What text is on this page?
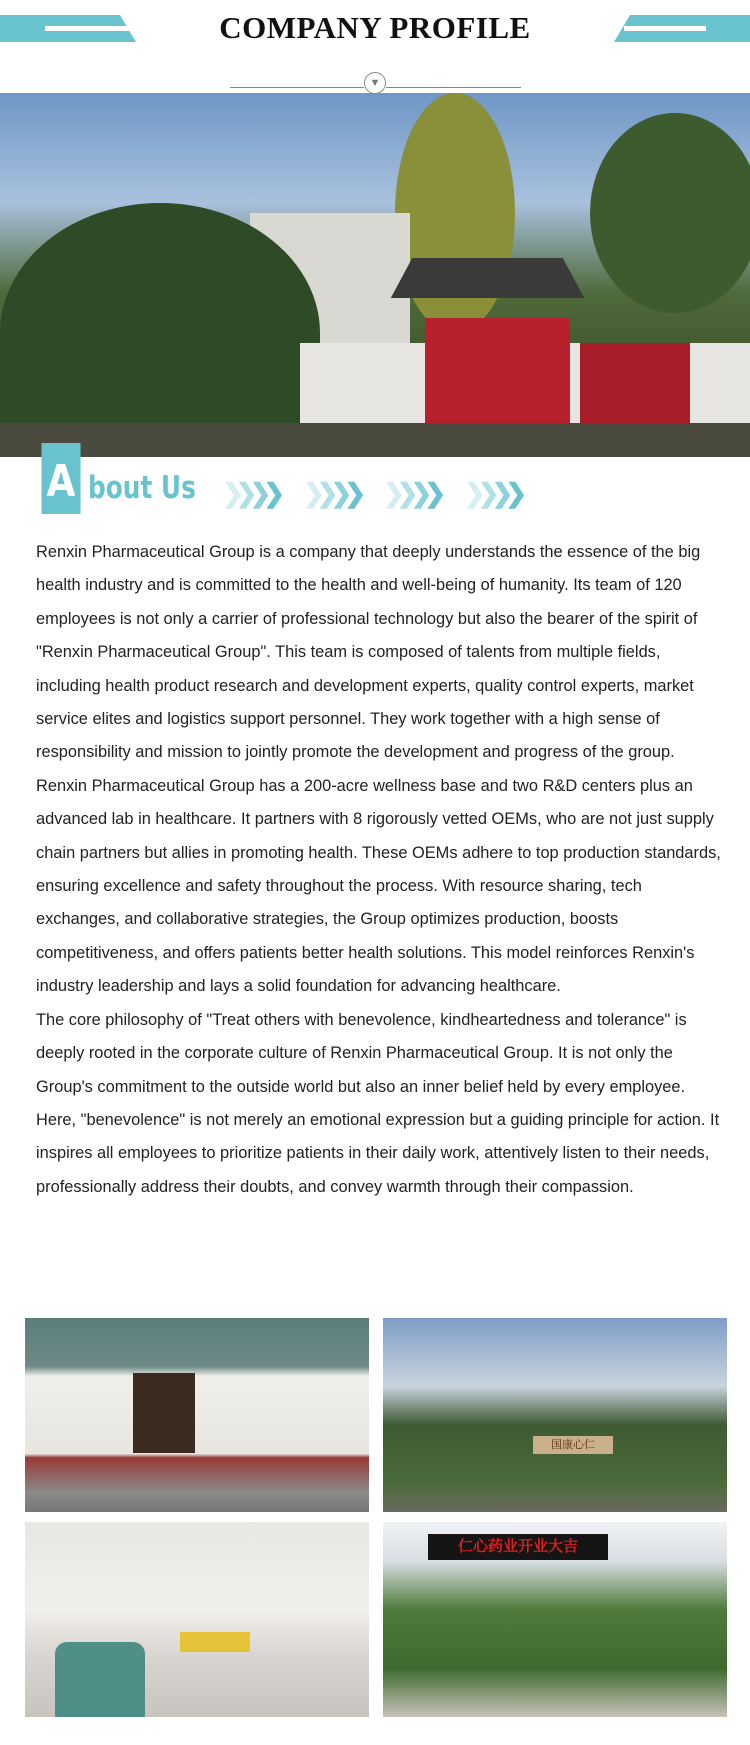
COMPANY PROFILE
▼
A bout Us ❯❯❯❯ ❯❯❯❯ ❯❯❯❯ ❯❯❯❯

Renxin Pharmaceutical Group is a company that deeply understands the essence of the big health industry and is committed to the health and well-being of humanity. Its team of 120 employees is not only a carrier of professional technology but also the bearer of the spirit of "Renxin Pharmaceutical Group". This team is composed of talents from multiple fields, including health product research and development experts, quality control experts, market service elites and logistics support personnel. They work together with a high sense of responsibility and mission to jointly promote the development and progress of the group.

Renxin Pharmaceutical Group has a 200-acre wellness base and two R&D centers plus an advanced lab in healthcare. It partners with 8 rigorously vetted OEMs, who are not just supply chain partners but allies in promoting health. These OEMs adhere to top production standards, ensuring excellence and safety throughout the process. With resource sharing, tech exchanges, and collaborative strategies, the Group optimizes production, boosts competitiveness, and offers patients better health solutions. This model reinforces Renxin's industry leadership and lays a solid foundation for advancing healthcare.

The core philosophy of "Treat others with benevolence, kindheartedness and tolerance" is deeply rooted in the corporate culture of Renxin Pharmaceutical Group. It is not only the Group's commitment to the outside world but also an inner belief held by every employee. Here, "benevolence" is not merely an emotional expression but a guiding principle for action. It inspires all employees to prioritize patients in their daily work, attentively listen to their needs, professionally address their doubts, and convey warmth through their compassion.

国康心仁
仁心药业开业大吉
